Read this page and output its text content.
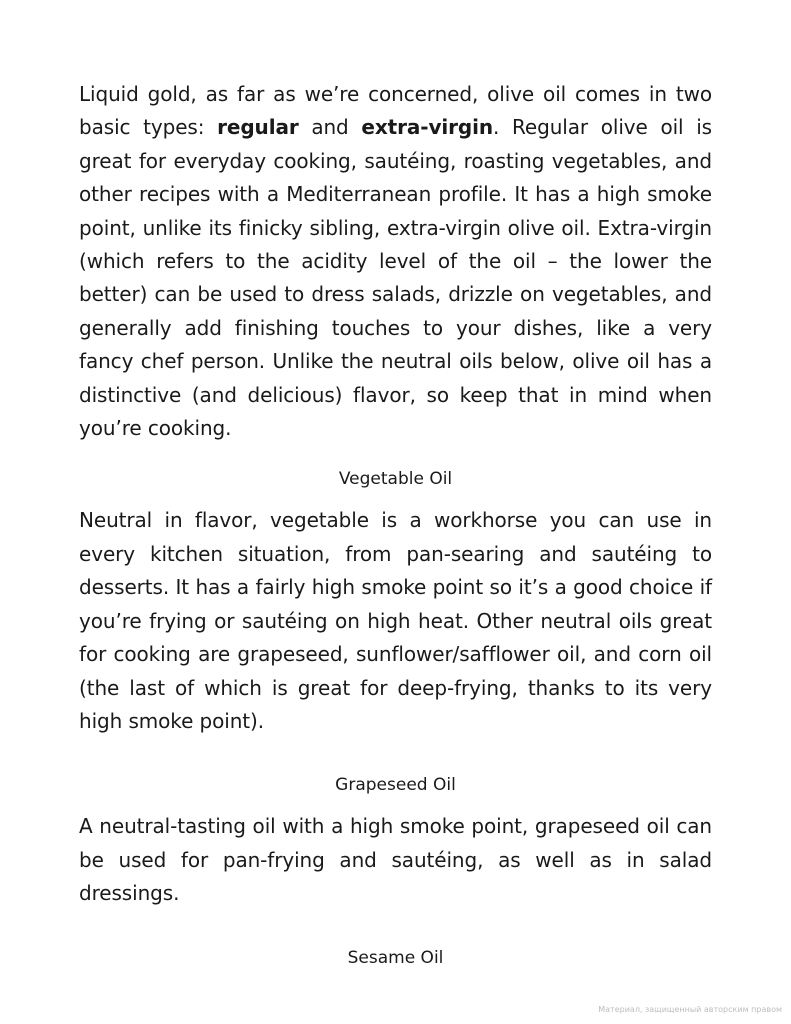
Liquid gold, as far as we’re concerned, olive oil comes in two basic types: regular and extra-virgin. Regular olive oil is great for everyday cooking, sautéing, roasting vegetables, and other recipes with a Mediterranean profile. It has a high smoke point, unlike its finicky sibling, extra-virgin olive oil. Extra-virgin (which refers to the acidity level of the oil – the lower the better) can be used to dress salads, drizzle on vegetables, and generally add finishing touches to your dishes, like a very fancy chef person. Unlike the neutral oils below, olive oil has a distinctive (and delicious) flavor, so keep that in mind when you’re cooking.

Vegetable Oil

Neutral in flavor, vegetable is a workhorse you can use in every kitchen situation, from pan-searing and sautéing to desserts. It has a fairly high smoke point so it’s a good choice if you’re frying or sautéing on high heat. Other neutral oils great for cooking are grapeseed, sunflower/safflower oil, and corn oil (the last of which is great for deep-frying, thanks to its very high smoke point).

Grapeseed Oil

A neutral-tasting oil with a high smoke point, grapeseed oil can be used for pan-frying and sautéing, as well as in salad dressings.

Sesame Oil
Материал, защищенный авторским правом
